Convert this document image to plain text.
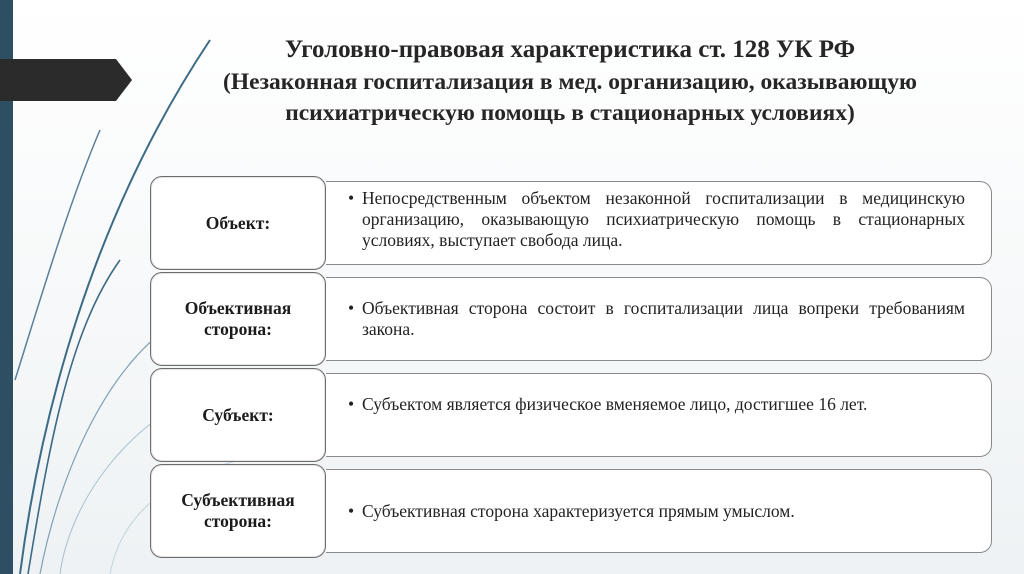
Уголовно-правовая характеристика ст. 128 УК РФ
(Незаконная госпитализация в мед. организацию, оказывающую психиатрическую помощь в стационарных условиях)
Объект:
• Непосредственным объектом незаконной госпитализации в медицинскую организацию, оказывающую психиатрическую помощь в стационарных условиях, выступает свобода лица.
Объективная сторона:
• Объективная сторона состоит в госпитализации лица вопреки требованиям закона.
Субъект:
• Субъектом является физическое вменяемое лицо, достигшее 16 лет.
Субъективная сторона:
• Субъективная сторона характеризуется прямым умыслом.
